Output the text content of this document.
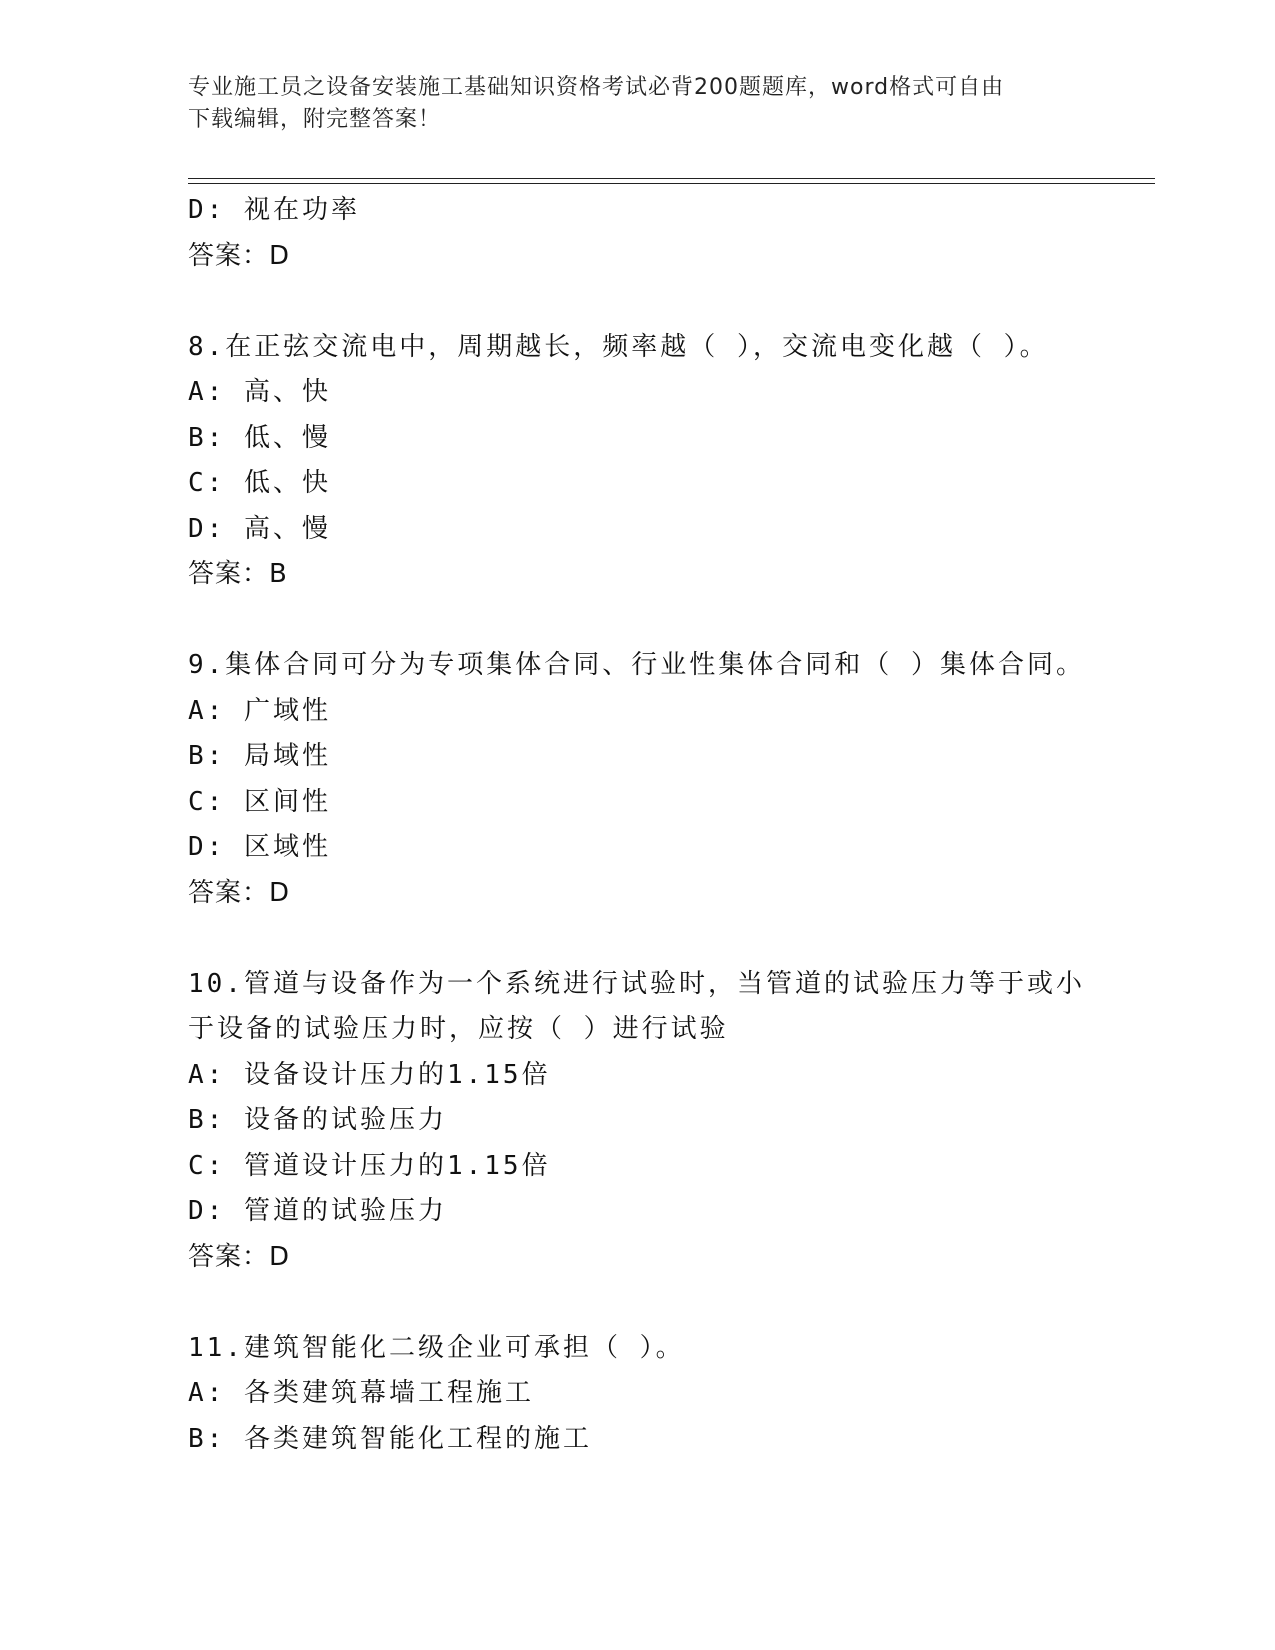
专业施工员之设备安装施工基础知识资格考试必背200题题库，word格式可自由
下载编辑，附完整答案！
D: 视在功率
答案：D
8.在正弦交流电中，周期越长，频率越（ ），交流电变化越（ ）。
A: 高、快
B: 低、慢
C: 低、快
D: 高、慢
答案：B
9.集体合同可分为专项集体合同、行业性集体合同和（ ）集体合同。
A: 广域性
B: 局域性
C: 区间性
D: 区域性
答案：D
10.管道与设备作为一个系统进行试验时，当管道的试验压力等于或小
于设备的试验压力时，应按（ ）进行试验
A: 设备设计压力的1.15倍
B: 设备的试验压力
C: 管道设计压力的1.15倍
D: 管道的试验压力
答案：D
11.建筑智能化二级企业可承担（ ）。
A: 各类建筑幕墙工程施工
B: 各类建筑智能化工程的施工
